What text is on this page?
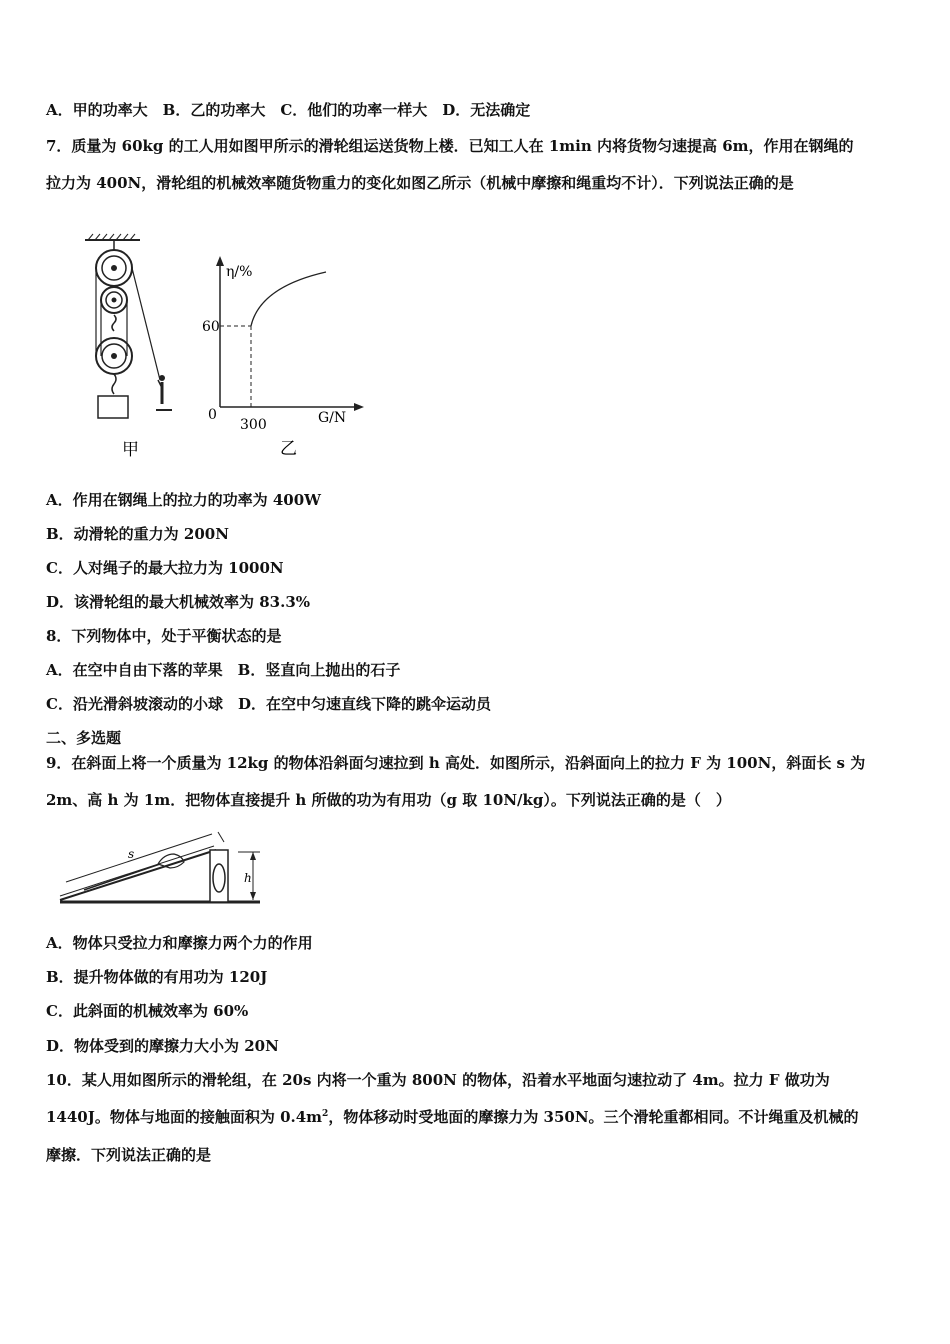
A．甲的功率大　B．乙的功率大　C．他们的功率一样大　D．无法确定
7．质量为 60kg 的工人用如图甲所示的滑轮组运送货物上楼．已知工人在 1min 内将货物匀速提高 6m，作用在钢绳的
拉力为 400N，滑轮组的机械效率随货物重力的变化如图乙所示（机械中摩擦和绳重均不计）．下列说法正确的是
甲
η/%
G/N
60
300
0
乙
A．作用在钢绳上的拉力的功率为 400W
B．动滑轮的重力为 200N
C．人对绳子的最大拉力为 1000N
D．该滑轮组的最大机械效率为 83.3%
8．下列物体中，处于平衡状态的是
A．在空中自由下落的苹果　B．竖直向上抛出的石子
C．沿光滑斜坡滚动的小球　D．在空中匀速直线下降的跳伞运动员
二、多选题
9．在斜面上将一个质量为 12kg 的物体沿斜面匀速拉到 h 高处．如图所示，沿斜面向上的拉力 F 为 100N，斜面长 s 为
2m、高 h 为 1m．把物体直接提升 h 所做的功为有用功（g 取 10N/kg）。下列说法正确的是（　）
h
s
A．物体只受拉力和摩擦力两个力的作用
B．提升物体做的有用功为 120J
C．此斜面的机械效率为 60%
D．物体受到的摩擦力大小为 20N
10．某人用如图所示的滑轮组，在 20s 内将一个重为 800N 的物体，沿着水平地面匀速拉动了 4m。拉力 F 做功为
1440J。物体与地面的接触面积为 $0.4m^2$，物体移动时受地面的摩擦力为 350N。三个滑轮重都相同。不计绳重及机械的
摩擦．下列说法正确的是
